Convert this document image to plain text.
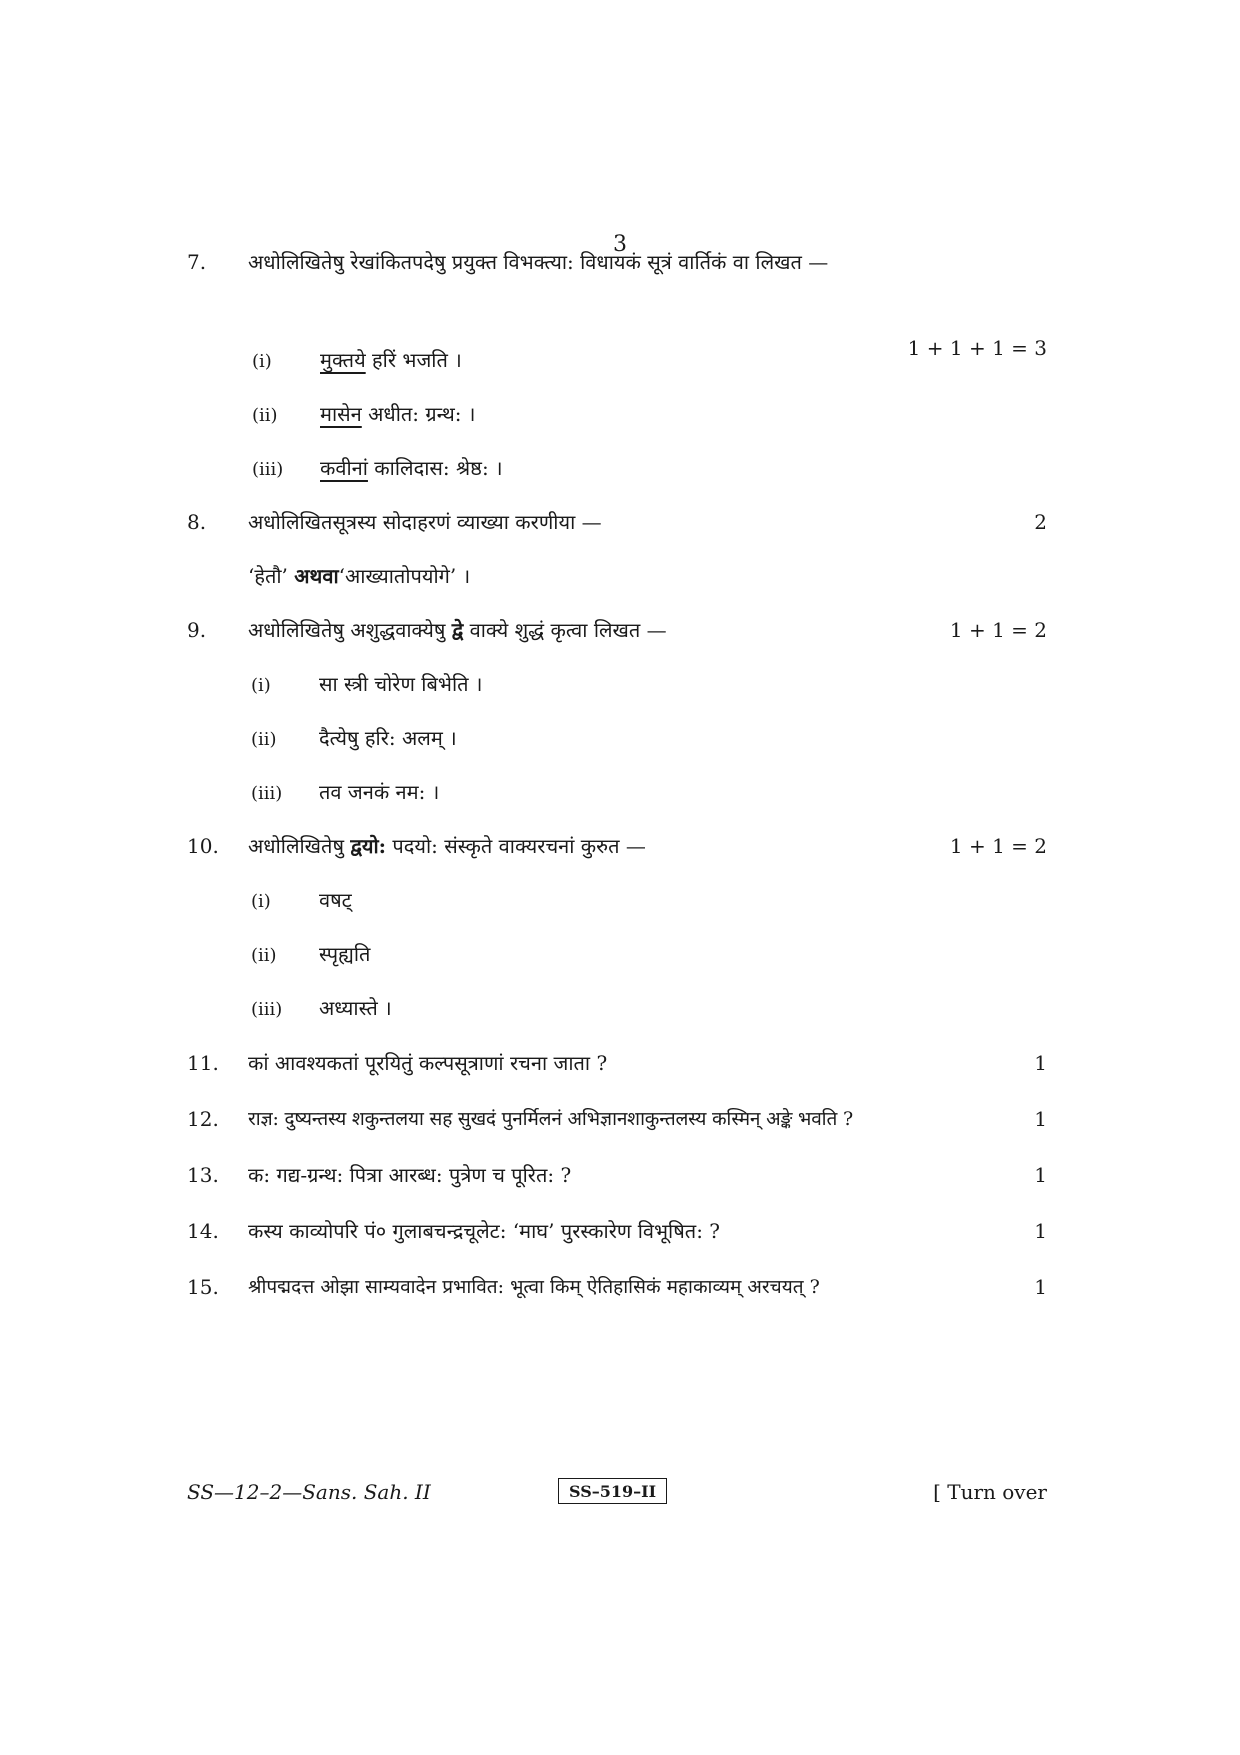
3
7.	अधोलिखितेषु रेखांकितपदेषु प्रयुक्त विभक्त्या: विधायकं सूत्रं वार्तिकं वा लिखत —
1 + 1 + 1 = 3
(i) मुक्तये हरिं भजति ।
(ii) मासेन अधीत: ग्रन्थ: ।
(iii) कवीनां कालिदास: श्रेष्ठ: ।
8.	अधोलिखितसूत्रस्य सोदाहरणं व्याख्या करणीया —	2
‘हेतौ’ अथवा‘आख्यातोपयोगे’ ।
9.	अधोलिखितेषु अशुद्धवाक्येषु द्वे वाक्ये शुद्धं कृत्वा लिखत —	1 + 1 = 2
(i) सा स्त्री चोरेण बिभेति ।
(ii) दैत्येषु हरि: अलम् ।
(iii) तव जनकं नम: ।
10.	अधोलिखितेषु द्वयो: पदयो: संस्कृते वाक्यरचनां कुरुत —	1 + 1 = 2
(i) वषट्
(ii) स्पृह्यति
(iii) अध्यास्ते ।
11.	कां आवश्यकतां पूरयितुं कल्पसूत्राणां रचना जाता ?	1
12.	राज्ञ: दुष्यन्तस्य शकुन्तलया सह सुखदं पुनर्मिलनं अभिज्ञानशाकुन्तलस्य कस्मिन् अङ्के भवति ?	1
13.	क: गद्य-ग्रन्थ: पित्रा आरब्ध: पुत्रेण च पूरित: ?	1
14.	कस्य काव्योपरि पं० गुलाबचन्द्रचूलेट: ‘माघ’ पुरस्कारेण विभूषित: ?	1
15.	श्रीपद्मदत्त ओझा साम्यवादेन प्रभावित: भूत्वा किम् ऐतिहासिकं महाकाव्यम् अरचयत् ?	1
SS—12–2—Sans. Sah. II	SS–519–II	[ Turn over
